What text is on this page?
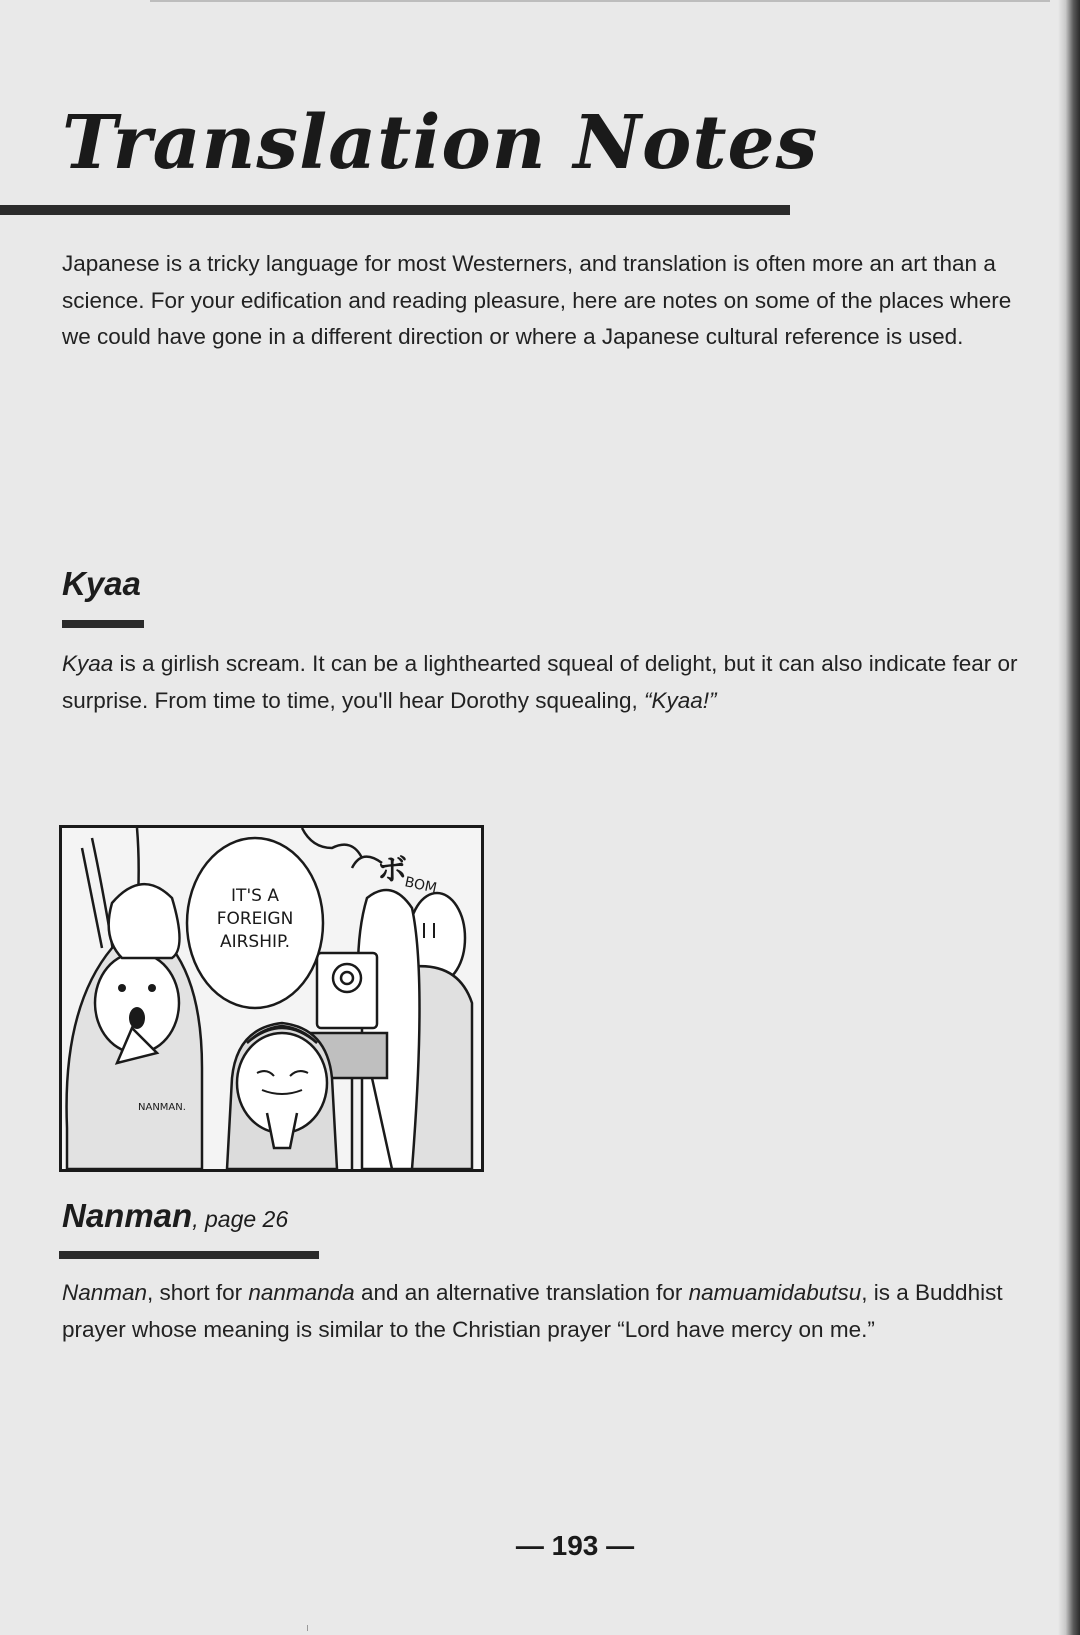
Translation Notes

Japanese is a tricky language for most Westerners, and translation is often more an art than a science. For your edification and reading pleasure, here are notes on some of the places where we could have gone in a different direction or where a Japanese cultural reference is used.

Kyaa

Kyaa is a girlish scream. It can be a lighthearted squeal of delight, but it can also indicate fear or surprise. From time to time, you'll hear Dorothy squealing, “Kyaa!”

IT'S A
FOREIGN
AIRSHIP.
ボ
BOM
NANMAN.
Nanman, page 26

Nanman, short for nanmanda and an alternative translation for namuamidabutsu, is a Buddhist prayer whose meaning is similar to the Christian prayer “Lord have mercy on me.”

— 193 —
